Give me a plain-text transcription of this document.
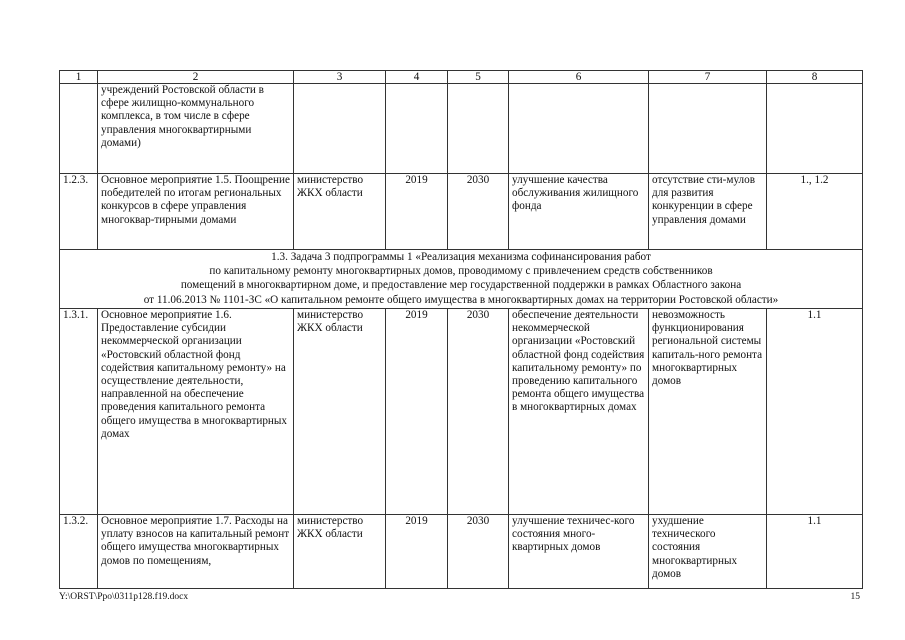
1	2	3	4	5	6	7	8
	учреждений Ростовской области в сфере жилищно-коммунального комплекса, в том числе в сфере управления многоквартирными домами)						
1.2.3.	Основное мероприятие 1.5. Поощрение победителей по итогам региональных конкурсов в сфере управления многоквар-тирными домами	министерство ЖКХ области	2019	2030	улучшение качества обслуживания жилищного фонда	отсутствие сти-мулов для развития конкуренции в сфере управления домами	1., 1.2

1.3. Задача 3 подпрограммы 1 «Реализация механизма софинансирования работ
по капитальному ремонту многоквартирных домов, проводимому с привлечением средств собственников
помещений в многоквартирном доме, и предоставление мер государственной поддержки в рамках Областного закона
от 11.06.2013 № 1101-ЗС «О капитальном ремонте общего имущества в многоквартирных домах на территории Ростовской области»							

1.3.1.	Основное мероприятие 1.6. Предоставление субсидии некоммерческой организации «Ростовский областной фонд содействия капитальному ремонту» на осуществление деятельности, направленной на обеспечение проведения капитального ремонта общего имущества в многоквартирных домах	министерство ЖКХ области	2019	2030	обеспечение деятельности некоммерческой организации «Ростовский областной фонд содействия капитальному ремонту» по проведению капитального ремонта общего имущества в многоквартирных домах	невозможность функционирования региональной системы капиталь-ного ремонта многоквартирных домов	1.1
1.3.2.	Основное мероприятие 1.7. Расходы на уплату взносов на капитальный ремонт общего имущества многоквартирных домов по помещениям,	министерство ЖКХ области	2019	2030	улучшение техничес-кого состояния много-квартирных домов	ухудшение технического состояния многоквартирных домов	1.1
Y:\ORST\Ppo\0311p128.f19.docx	15
